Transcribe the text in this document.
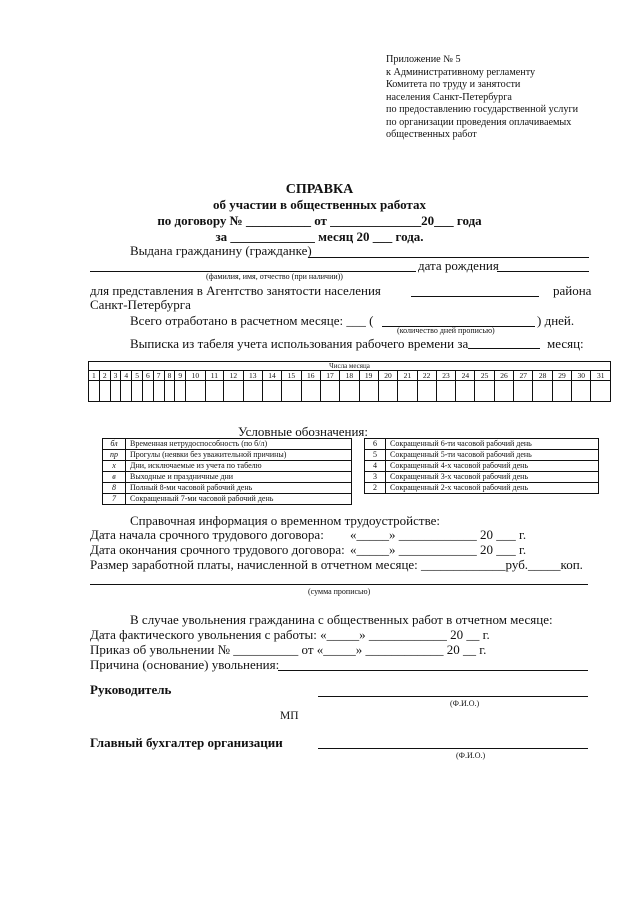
Приложение № 5
к Административному регламенту
Комитета по труду и занятости
населения Санкт-Петербурга
по предоставлению государственной услуги
по организации проведения оплачиваемых
общественных работ
СПРАВКА
об участии в общественных работах
по договору № __________ от ______________20___ года
за _____________ месяц 20 ___ года.
Выдана гражданину (гражданке)
дата рождения
(фамилия, имя, отчество (при наличии))
для представления в Агентство занятости населения	района
Санкт-Петербурга
Всего отработано в расчетном месяце: ___ (	) дней.
(количество дней прописью)
Выписка из табеля учета использования рабочего времени за	месяц:
Числа месяца																														
1	2	3	4	5	6	7	8	9	10	11	12	13	14	15	16	17	18	19	20	21	22	23	24	25	26	27	28	29	30	31

Условные обозначения:
бл	Временная нетрудоспособность (по б/л)
пр	Прогулы (неявки без уважительной причины)
х	Дни, исключаемые из учета по табелю
в	Выходные и праздничные дни
8	Полный 8-ми часовой рабочий день
7	Сокращенный 7-ми часовой рабочий день
6	Сокращенный 6-ти часовой рабочий день
5	Сокращенный 5-ти часовой рабочий день
4	Сокращенный 4-х часовой рабочий день
3	Сокращенный 3-х часовой рабочий день
2	Сокращенный 2-х часовой рабочий день
Справочная информация о временном трудоустройстве:
Дата начала срочного трудового договора: «_____» ____________ 20 ___ г.
Дата окончания срочного трудового договора: «_____» ____________ 20 ___ г.
Размер заработной платы, начисленной в отчетном месяце: _____________руб._____коп.
(сумма прописью)
В случае увольнения гражданина с общественных работ в отчетном месяце:
Дата фактического увольнения с работы: «_____» ____________ 20 __ г.
Приказ об увольнении № __________ от «_____» ____________ 20 __ г.
Причина (основание) увольнения:
Руководитель
(Ф.И.О.)
МП
Главный бухгалтер организации
(Ф.И.О.)
